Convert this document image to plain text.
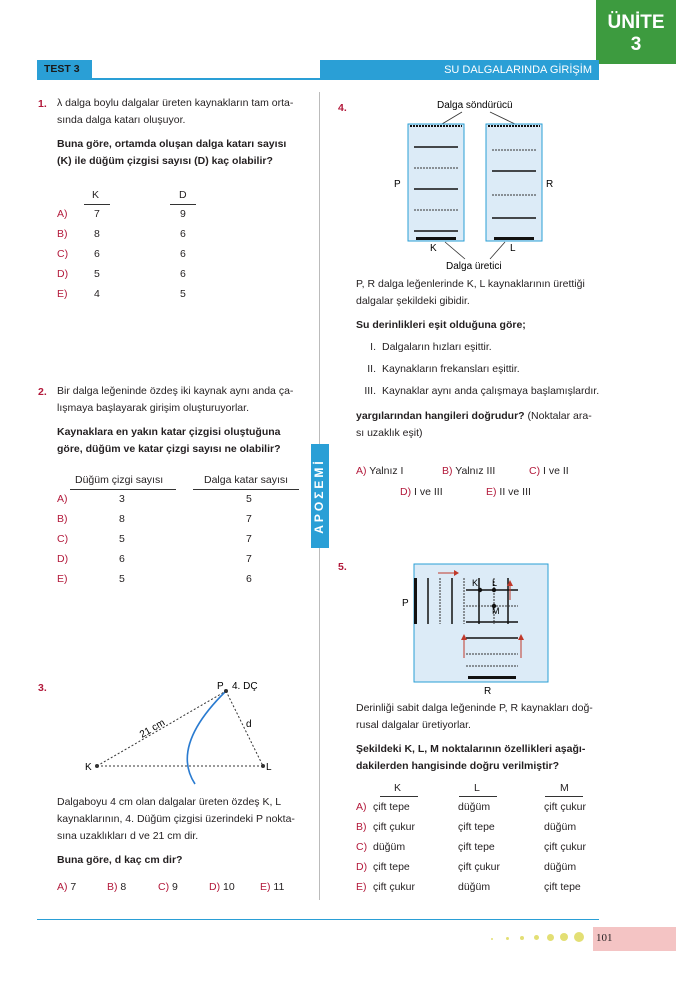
ÜNİTE
3
TEST 3	SU DALGALARINDA GİRİŞİM
APOΣEMİ
1. λ dalga boylu dalgalar üreten kaynakların tam orta-

sında dalga katarı oluşuyor.

Buna göre, ortamda oluşan dalga katarı sayısı

(K) ile düğüm çizgisi sayısı (D) kaç olabilir?

K	D
A)	7	9
B)	8	6
C) 6	6
D) 5	6
E)	4	5
2. Bir dalga leğeninde özdeş iki kaynak aynı anda ça-

lışmaya başlayarak girişim oluşturuyorlar.

Kaynaklara en yakın katar çizgisi oluştuğuna

göre, düğüm ve katar çizgi sayısı ne olabilir?

Düğüm çizgi sayısı	Dalga katar sayısı
A)	3	5
B)	8	7
C)	5	7
D)	6	7
E)	5	6
3.	P 4. DÇ
21 cm	d
K	L

Dalgaboyu 4 cm olan dalgalar üreten özdeş K, L

kaynaklarının, 4. Düğüm çizgisi üzerindeki P nokta-

sına uzaklıkları d ve 21 cm dir.

Buna göre, d kaç cm dir?

A) 7	B) 8	C) 9	D) 10 E) 11
4.	Dalga söndürücü
P	R
K	L
Dalga üretici

P, R dalga leğenlerinde K, L kaynaklarının ürettiği

dalgalar şekildeki gibidir.

Su derinlikleri eşit olduğuna göre;

I. Dalgaların hızları eşittir.
II. Kaynakların frekansları eşittir.
III. Kaynaklar aynı anda çalışmaya başlamışlardır.

yargılarından hangileri doğrudur? (Noktalar ara-

sı uzaklık eşit)

A) Yalnız I	B) Yalnız III	C) I ve II
D) I ve III	E) II ve III
5.
K L
M
P
R

Derinliği sabit dalga leğeninde P, R kaynakları doğ-

rusal dalgalar üretiyorlar.

Şekildeki K, L, M noktalarının özellikleri aşağı-

dakilerden hangisinde doğru verilmiştir?

K	L	M
A) çift tepe	düğüm	çift çukur
B) çift çukur	çift tepe	düğüm
C) düğüm	çift tepe	çift çukur
D) çift tepe	çift çukur	düğüm
E) çift çukur	düğüm	çift tepe
101
